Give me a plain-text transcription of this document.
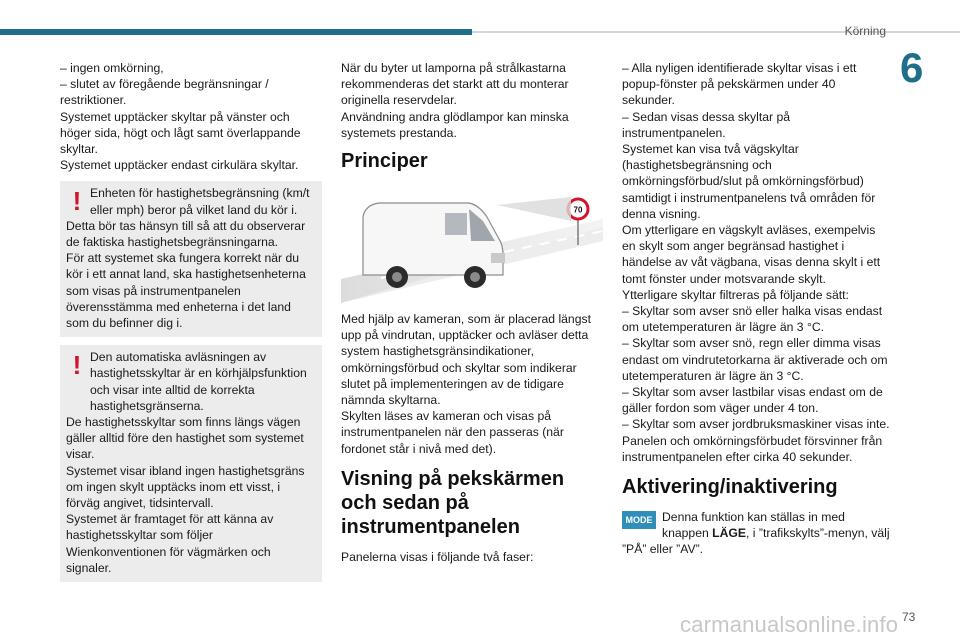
Körning
6

– ingen omkörning,

– slutet av föregående begränsningar / restriktioner.

Systemet upptäcker skyltar på vänster och höger sida, högt och lågt samt överlappande skyltar.

Systemet upptäcker endast cirkulära skyltar.

! Enheten för hastighetsbegränsning (km/t eller mph) beror på vilket land du kör i.

Detta bör tas hänsyn till så att du observerar de faktiska hastighetsbegränsningarna.

För att systemet ska fungera korrekt när du kör i ett annat land, ska hastighetsenheterna som visas på instrumentpanelen överensstämma med enheterna i det land som du befinner dig i.

! Den automatiska avläsningen av hastighetsskyltar är en körhjälpsfunktion och visar inte alltid de korrekta hastighetsgränserna.

De hastighetsskyltar som finns längs vägen gäller alltid före den hastighet som systemet visar.

Systemet visar ibland ingen hastighetsgräns om ingen skylt upptäcks inom ett visst, i förväg angivet, tidsintervall.

Systemet är framtaget för att känna av hastighetsskyltar som följer Wienkonventionen för vägmärken och signaler.

När du byter ut lamporna på strålkastarna rekommenderas det starkt att du monterar originella reservdelar.

Användning andra glödlampor kan minska systemets prestanda.

Principer
70

Med hjälp av kameran, som är placerad längst upp på vindrutan, upptäcker och avläser detta system hastighetsgränsindikationer, omkörningsförbud och skyltar som indikerar slutet på implementeringen av de tidigare nämnda skyltarna.

Skylten läses av kameran och visas på instrumentpanelen när den passeras (när fordonet står i nivå med det).

Visning på pekskärmen och sedan på instrumentpanelen

Panelerna visas i följande två faser:

– Alla nyligen identifierade skyltar visas i ett popup-fönster på pekskärmen under 40 sekunder.

– Sedan visas dessa skyltar på instrumentpanelen.

Systemet kan visa två vägskyltar (hastighetsbegränsning och omkörningsförbud/slut på omkörningsförbud) samtidigt i instrumentpanelens två områden för denna visning.

Om ytterligare en vägskylt avläses, exempelvis en skylt som anger begränsad hastighet i händelse av våt vägbana, visas denna skylt i ett tomt fönster under motsvarande skylt.

Ytterligare skyltar filtreras på följande sätt:

– Skyltar som avser snö eller halka visas endast om utetemperaturen är lägre än 3 °C.

– Skyltar som avser snö, regn eller dimma visas endast om vindrutetorkarna är aktiverade och om utetemperaturen är lägre än 3 °C.

– Skyltar som avser lastbilar visas endast om de gäller fordon som väger under 4 ton.

– Skyltar som avser jordbruksmaskiner visas inte.

Panelen och omkörningsförbudet försvinner från instrumentpanelen efter cirka 40 sekunder.

Aktivering/inaktivering

MODE Denna funktion kan ställas in med knappen LÄGE, i ”trafikskylts”-menyn, välj ”PÅ” eller ”AV”.

carmanualsonline.info 73
